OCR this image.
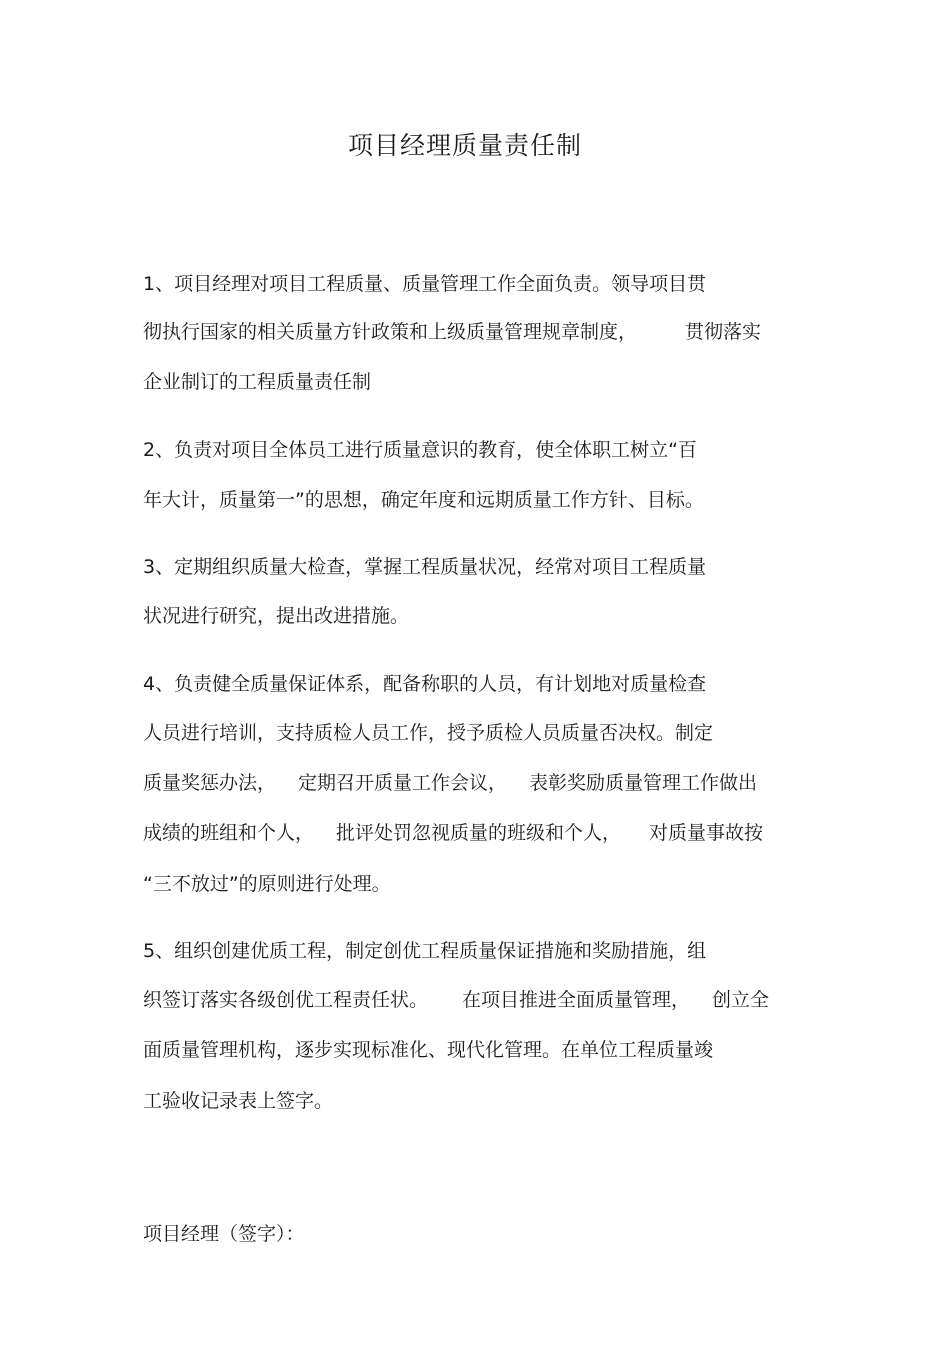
项目经理质量责任制
1、项目经理对项目工程质量、质量管理工作全面负责。领导项目贯
彻执行国家的相关质量方针政策和上级质量管理规章制度，	贯彻落实
企业制订的工程质量责任制
2、负责对项目全体员工进行质量意识的教育，使全体职工树立“百
年大计，质量第一”的思想，确定年度和远期质量工作方针、目标。
3、定期组织质量大检查，掌握工程质量状况，经常对项目工程质量
状况进行研究，提出改进措施。
4、负责健全质量保证体系，配备称职的人员，有计划地对质量检查
人员进行培训，支持质检人员工作，授予质检人员质量否决权。制定
质量奖惩办法， 定期召开质量工作会议， 表彰奖励质量管理工作做出
成绩的班组和个人， 批评处罚忽视质量的班级和个人， 对质量事故按
“三不放过”的原则进行处理。
5、组织创建优质工程，制定创优工程质量保证措施和奖励措施，组
织签订落实各级创优工程责任状。 在项目推进全面质量管理， 创立全
面质量管理机构，逐步实现标准化、现代化管理。在单位工程质量竣
工验收记录表上签字。
项目经理（签字）：
